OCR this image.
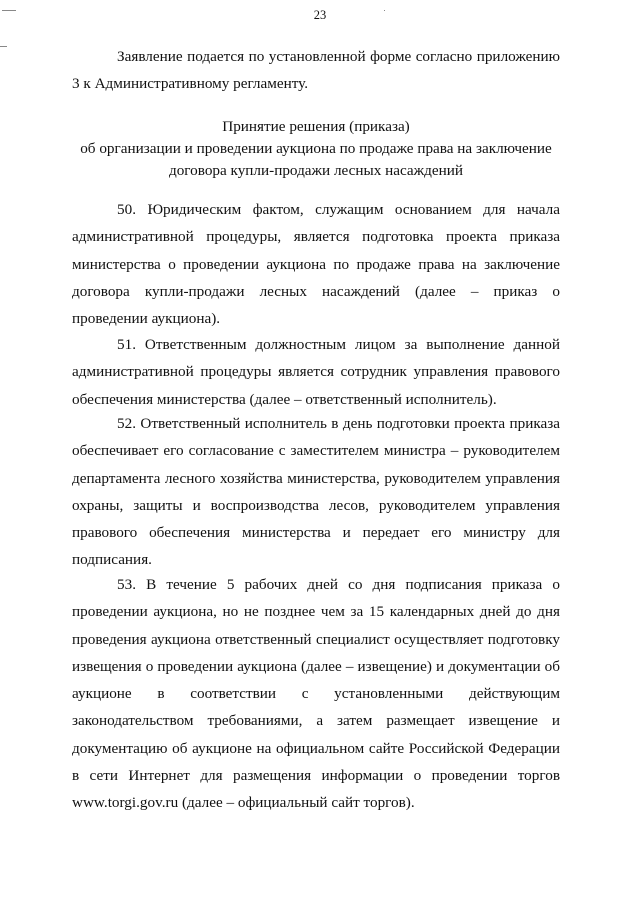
23

Заявление подается по установленной форме согласно приложению 3 к Административному регламенту.

Принятие решения (приказа)
об организации и проведении аукциона по продаже права на заключение
договора купли-продажи лесных насаждений

50. Юридическим фактом, служащим основанием для начала административной процедуры, является подготовка проекта приказа министерства о проведении аукциона по продаже права на заключение договора купли-продажи лесных насаждений (далее – приказ о проведении аукциона).

51. Ответственным должностным лицом за выполнение данной административной процедуры является сотрудник управления правового обеспечения министерства (далее – ответственный исполнитель).

52. Ответственный исполнитель в день подготовки проекта приказа обеспечивает его согласование с заместителем министра – руководителем департамента лесного хозяйства министерства, руководителем управления охраны, защиты и воспроизводства лесов, руководителем управления правового обеспечения министерства и передает его министру для подписания.

53. В течение 5 рабочих дней со дня подписания приказа о проведении аукциона, но не позднее чем за 15 календарных дней до дня проведения аукциона ответственный специалист осуществляет подготовку извещения о проведении аукциона (далее – извещение) и документации об аукционе в соответствии с установленными действующим законодательством требованиями, а затем размещает извещение и документацию об аукционе на официальном сайте Российской Федерации в сети Интернет для размещения информации о проведении торгов www.torgi.gov.ru (далее – официальный сайт торгов).
